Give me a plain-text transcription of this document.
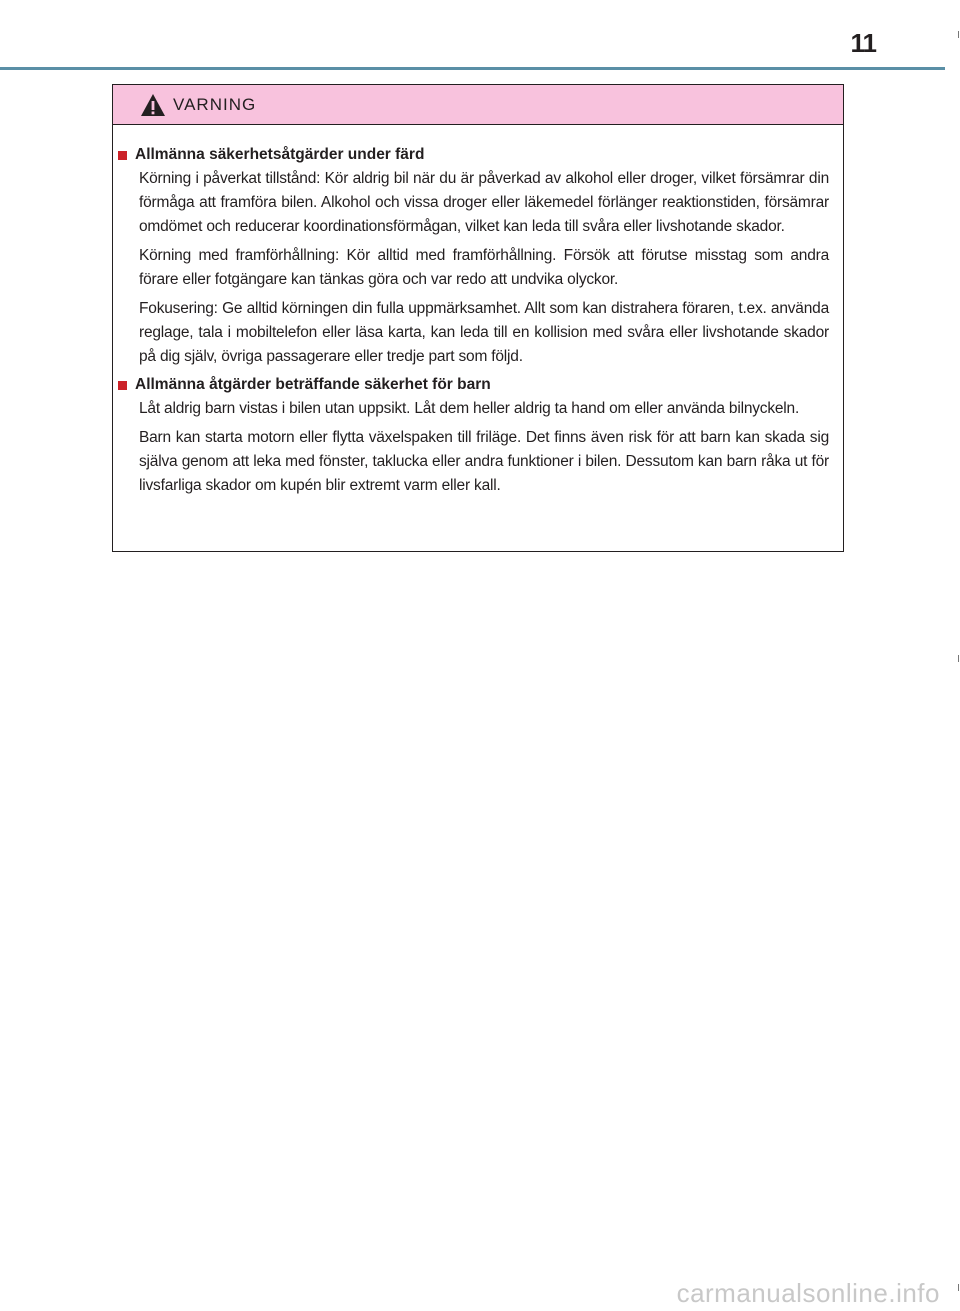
11
VARNING
Allmänna säkerhetsåtgärder under färd

Körning i påverkat tillstånd: Kör aldrig bil när du är påverkad av alkohol eller droger, vilket försämrar din förmåga att framföra bilen. Alkohol och vissa droger eller läkemedel förlänger reaktionstiden, försämrar omdömet och reducerar koordinationsförmågan, vilket kan leda till svåra eller livshotande skador.

Körning med framförhållning: Kör alltid med framförhållning. Försök att förutse misstag som andra förare eller fotgängare kan tänkas göra och var redo att undvika olyckor.

Fokusering: Ge alltid körningen din fulla uppmärksamhet. Allt som kan distrahera föraren, t.ex. använda reglage, tala i mobiltelefon eller läsa karta, kan leda till en kollision med svåra eller livshotande skador på dig själv, övriga passagerare eller tredje part som följd.

Allmänna åtgärder beträffande säkerhet för barn

Låt aldrig barn vistas i bilen utan uppsikt. Låt dem heller aldrig ta hand om eller använda bilnyckeln.

Barn kan starta motorn eller flytta växelspaken till friläge. Det finns även risk för att barn kan skada sig själva genom att leka med fönster, taklucka eller andra funktioner i bilen. Dessutom kan barn råka ut för livsfarliga skador om kupén blir extremt varm eller kall.

carmanualsonline.info
